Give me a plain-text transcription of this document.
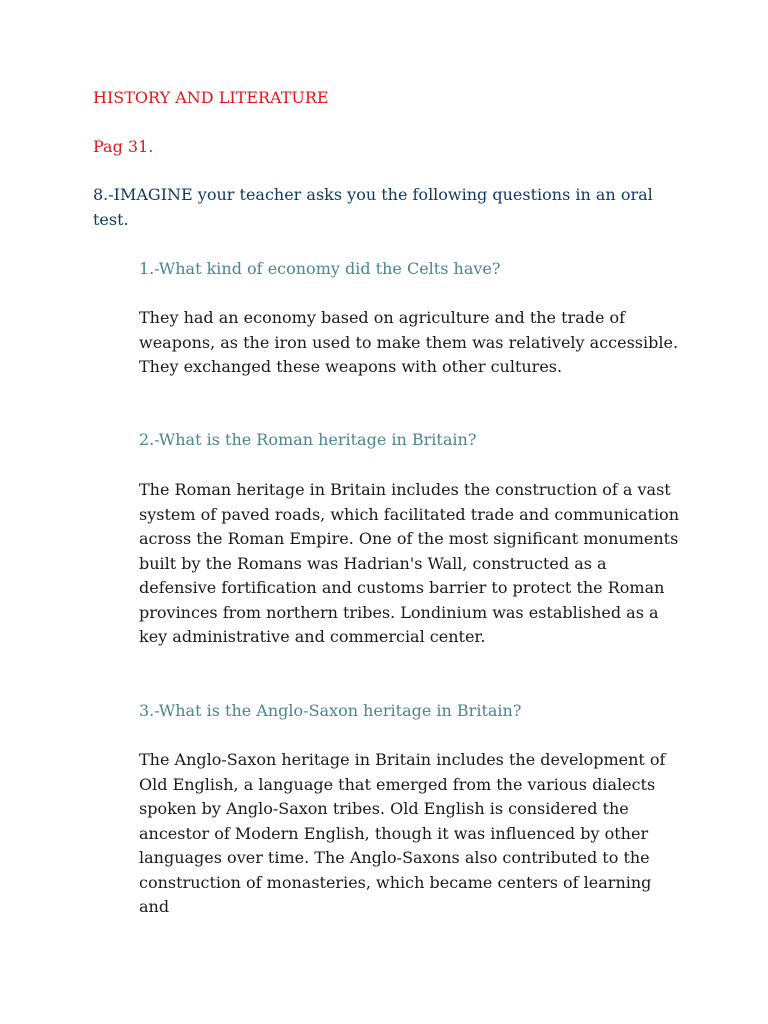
HISTORY AND LITERATURE
Pag 31.
8.-IMAGINE your teacher asks you the following questions in an oral test.
1.-What kind of economy did the Celts have?
They had an economy based on agriculture and the trade of weapons, as the iron used to make them was relatively accessible. They exchanged these weapons with other cultures.
2.-What is the Roman heritage in Britain?
The Roman heritage in Britain includes the construction of a vast system of paved roads, which facilitated trade and communication across the Roman Empire. One of the most significant monuments built by the Romans was Hadrian's Wall, constructed as a defensive fortification and customs barrier to protect the Roman provinces from northern tribes. Londinium was established as a key administrative and commercial center.
3.-What is the Anglo-Saxon heritage in Britain?
The Anglo-Saxon heritage in Britain includes the development of Old English, a language that emerged from the various dialects spoken by Anglo-Saxon tribes. Old English is considered the ancestor of Modern English, though it was influenced by other languages over time. The Anglo-Saxons also contributed to the construction of monasteries, which became centers of learning and
